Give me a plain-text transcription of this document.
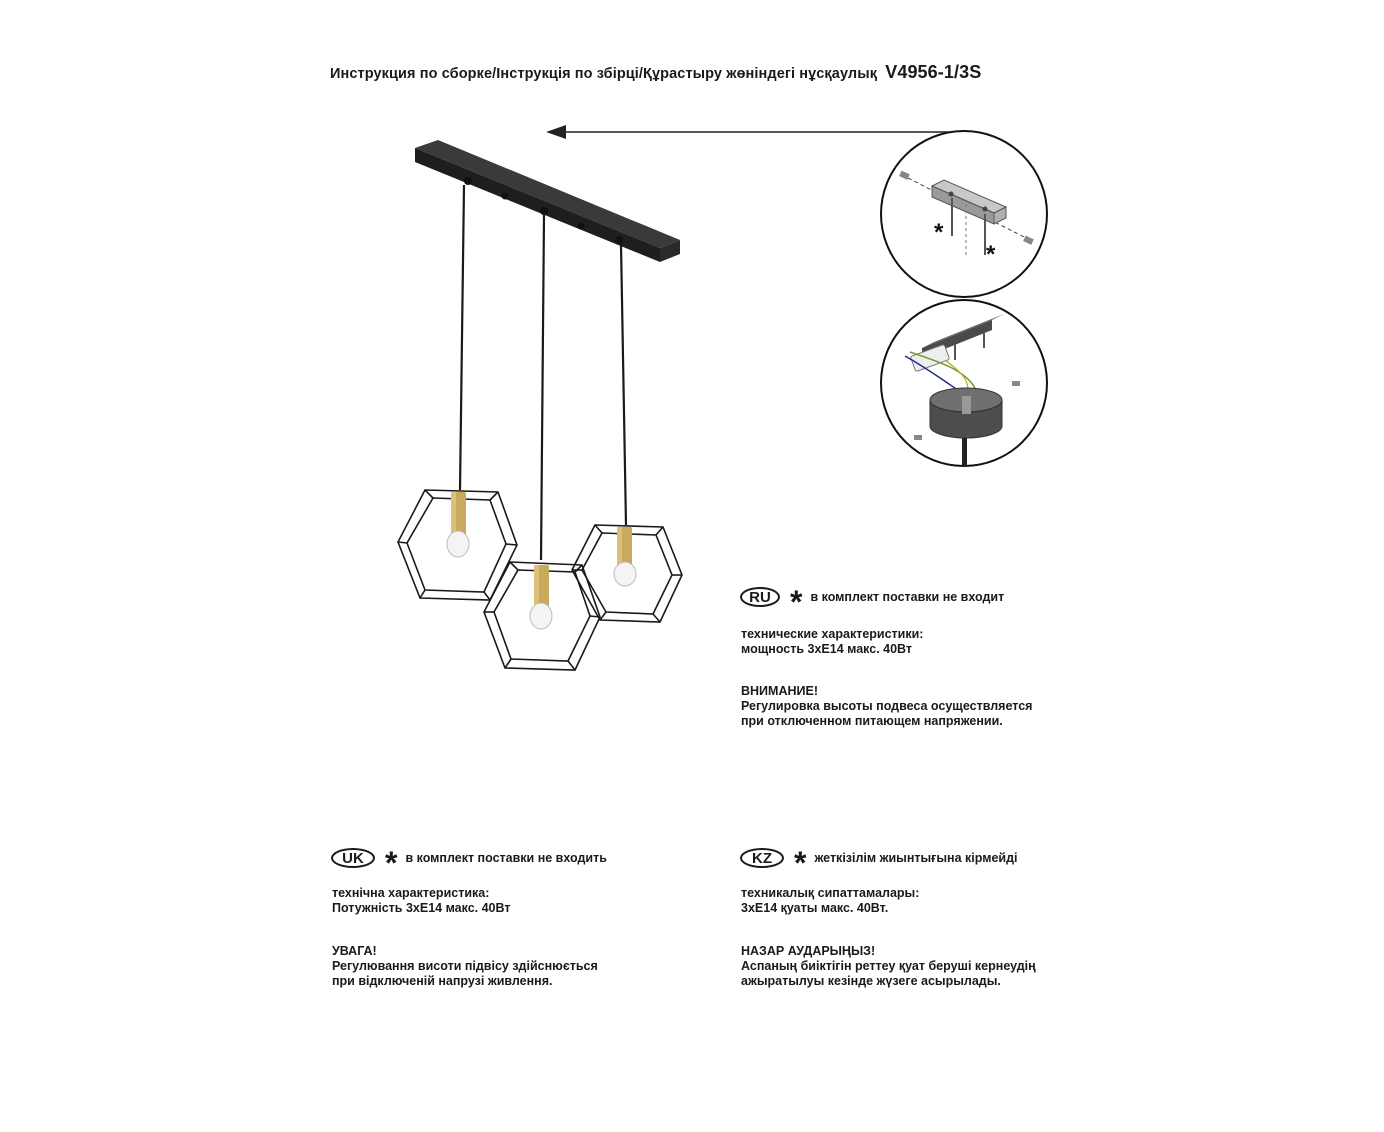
Инструкция по сборке/Інструкція по збірці/Құрастыру жөніндегі нұсқаулық V4956-1/3S
*
*
RU * в комплект поставки не входит
технические характеристики:
мощность 3хЕ14 макс. 40Вт
ВНИМАНИЕ!
Регулировка высоты подвеса осуществляется
при отключенном питающем напряжении.
UK * в комплект поставки не входить
технічна характеристика:
Потужність 3хЕ14 макс. 40Вт
УВАГА!
Регулювання висоти підвісу здійснюється
при відключеній напрузі живлення.
KZ * жеткізілім жиынтығына кірмейді
техникалық сипаттамалары:
3хЕ14 қуаты макс. 40Вт.
НАЗАР АУДАРЫҢЫЗ!
Аспаның биіктігін реттеу қуат беруші кернеудің
ажыратылуы кезінде жүзеге асырылады.
